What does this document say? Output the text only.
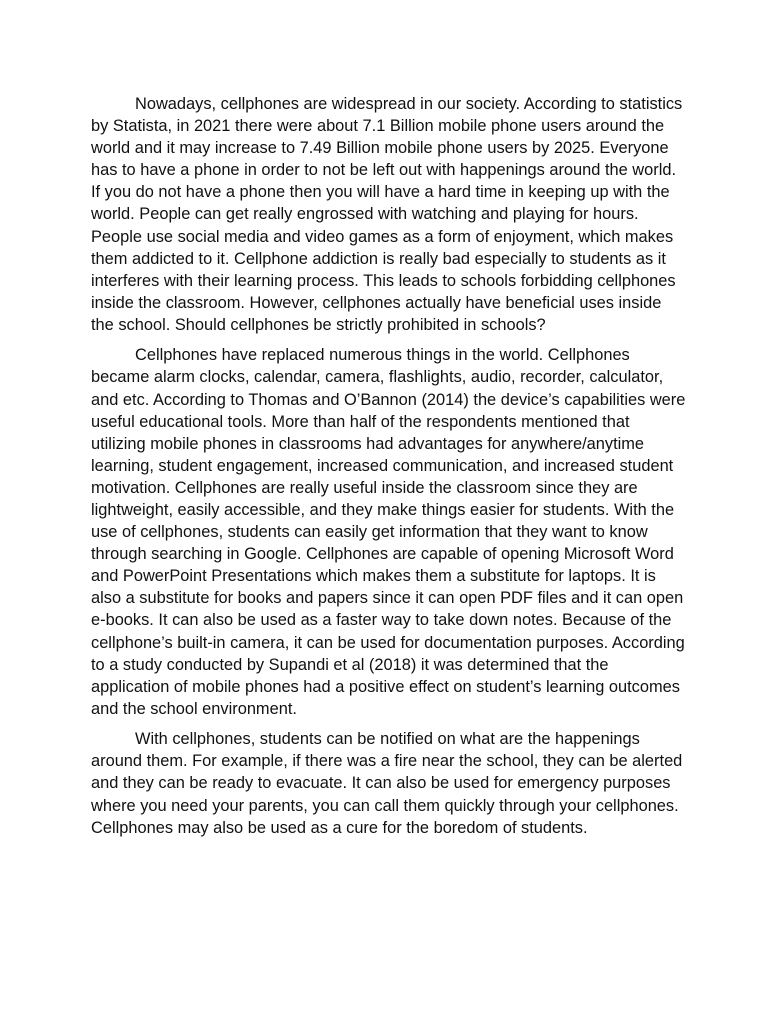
Nowadays, cellphones are widespread in our society. According to statistics by Statista, in 2021 there were about 7.1 Billion mobile phone users around the world and it may increase to 7.49 Billion mobile phone users by 2025. Everyone has to have a phone in order to not be left out with happenings around the world. If you do not have a phone then you will have a hard time in keeping up with the world. People can get really engrossed with watching and playing for hours. People use social media and video games as a form of enjoyment, which makes them addicted to it. Cellphone addiction is really bad especially to students as it interferes with their learning process. This leads to schools forbidding cellphones inside the classroom. However, cellphones actually have beneficial uses inside the school. Should cellphones be strictly prohibited in schools?

Cellphones have replaced numerous things in the world. Cellphones became alarm clocks, calendar, camera, flashlights, audio, recorder, calculator, and etc. According to Thomas and O’Bannon (2014) the device’s capabilities were useful educational tools. More than half of the respondents mentioned that utilizing mobile phones in classrooms had advantages for anywhere/anytime learning, student engagement, increased communication, and increased student motivation. Cellphones are really useful inside the classroom since they are lightweight, easily accessible, and they make things easier for students. With the use of cellphones, students can easily get information that they want to know through searching in Google. Cellphones are capable of opening Microsoft Word and PowerPoint Presentations which makes them a substitute for laptops. It is also a substitute for books and papers since it can open PDF files and it can open e-books. It can also be used as a faster way to take down notes. Because of the cellphone’s built-in camera, it can be used for documentation purposes. According to a study conducted by Supandi et al (2018) it was determined that the application of mobile phones had a positive effect on student’s learning outcomes and the school environment.

With cellphones, students can be notified on what are the happenings around them. For example, if there was a fire near the school, they can be alerted and they can be ready to evacuate. It can also be used for emergency purposes where you need your parents, you can call them quickly through your cellphones. Cellphones may also be used as a cure for the boredom of students.
